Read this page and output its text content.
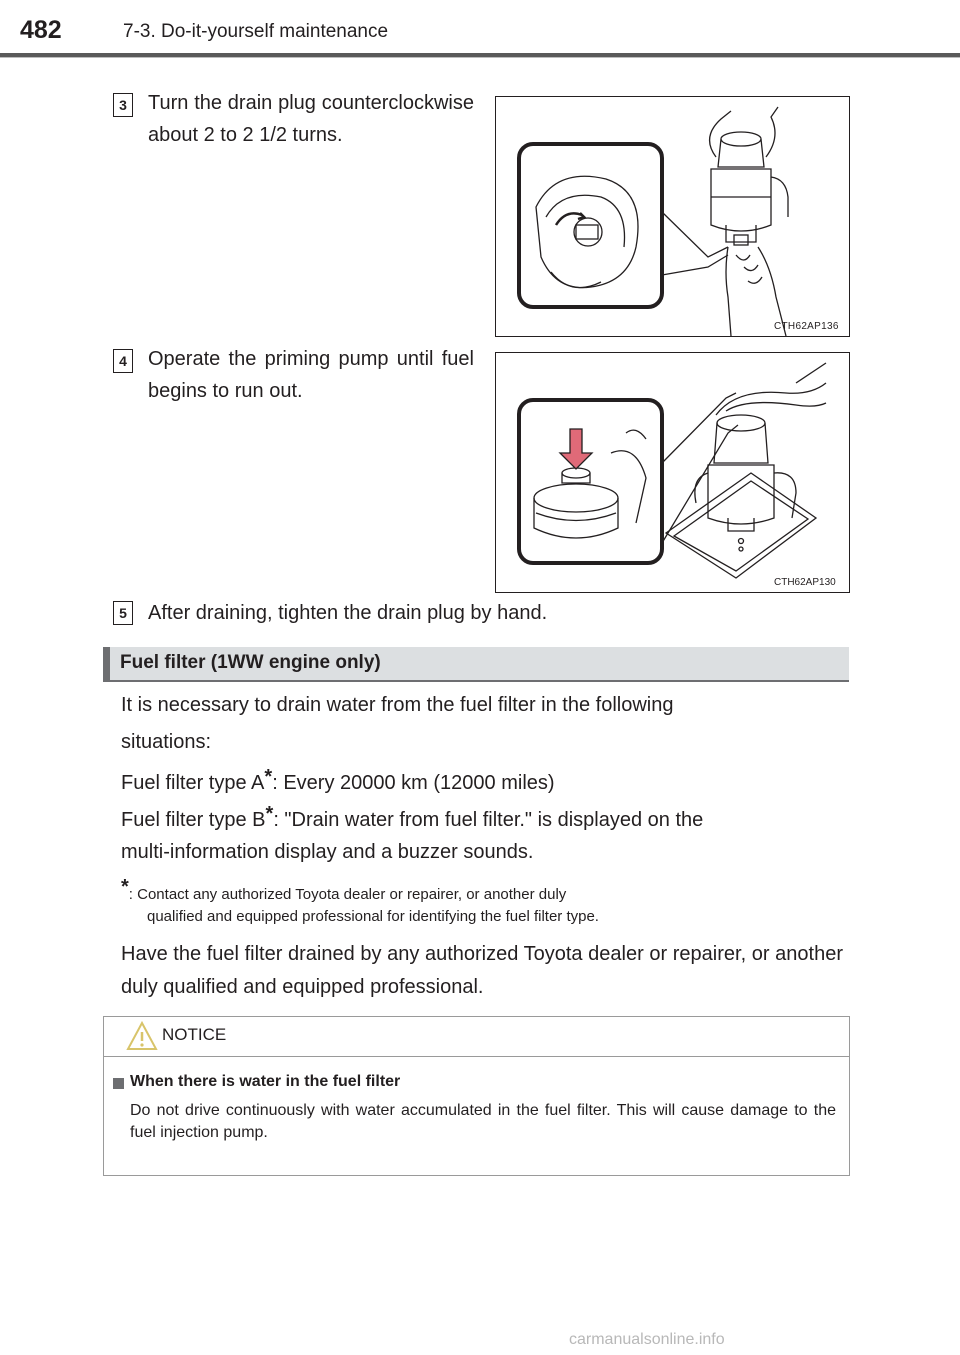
482	7-3. Do-it-yourself maintenance
3	Turn the drain plug counterclockwise about 2 to 2 1/2 turns.
CTH62AP136
4	Operate the priming pump until fuel begins to run out.
CTH62AP130
5	After draining, tighten the drain plug by hand.
Fuel filter (1WW engine only)
It is necessary to drain water from the fuel filter in the following
situations:
Fuel filter type A*: Every 20000 km (12000 miles)
Fuel filter type B*: "Drain water from fuel filter." is displayed on the
multi-information display and a buzzer sounds.
*: Contact any authorized Toyota dealer or repairer, or another duly
qualified and equipped professional for identifying the fuel filter type.
Have the fuel filter drained by any authorized Toyota dealer or repairer, or another duly qualified and equipped professional.
NOTICE
When there is water in the fuel filter
Do not drive continuously with water accumulated in the fuel filter. This will cause damage to the fuel injection pump.
carmanualsonline.info
